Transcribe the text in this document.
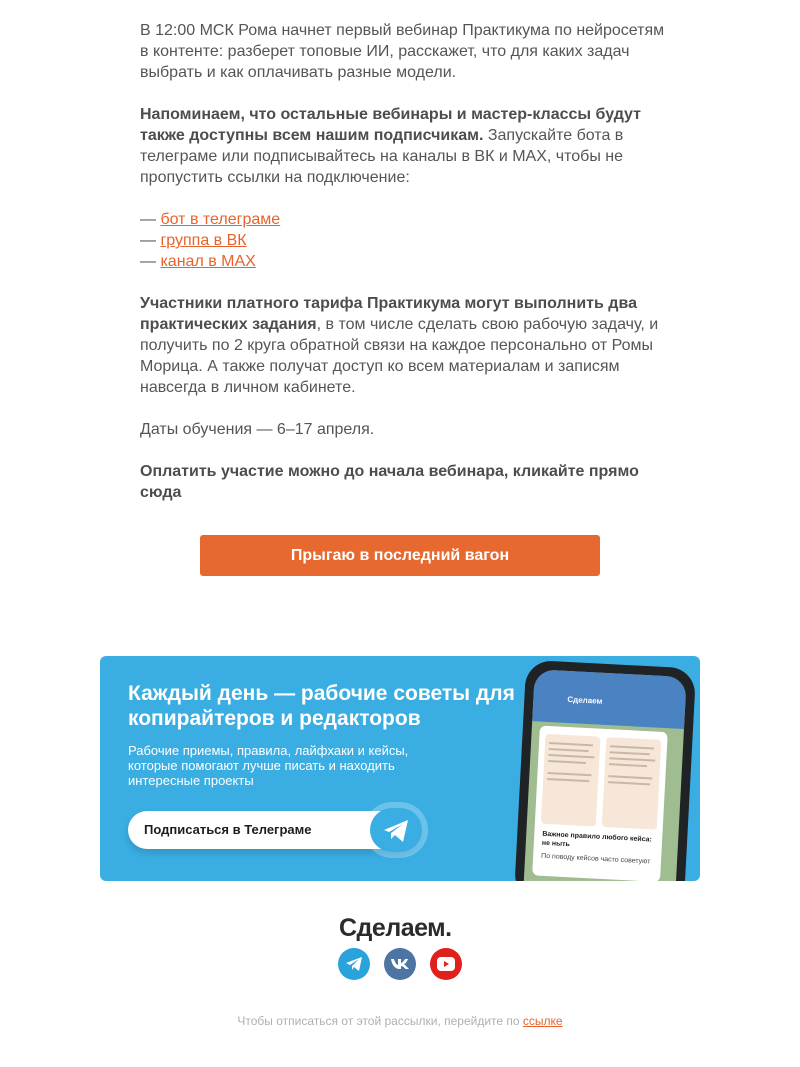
В 12:00 МСК Рома начнет первый вебинар Практикума по нейросетям в контенте: разберет топовые ИИ, расскажет, что для каких задач выбрать и как оплачивать разные модели.

Напоминаем, что остальные вебинары и мастер-классы будут также доступны всем нашим подписчикам. Запускайте бота в телеграме или подписывайтесь на каналы в ВК и МАХ, чтобы не пропустить ссылки на подключение:

— бот в телеграме
— группа в ВК
— канал в МАХ

Участники платного тарифа Практикума могут выполнить два практических задания, в том числе сделать свою рабочую задачу, и получить по 2 круга обратной связи на каждое персонально от Ромы Морица. А также получат доступ ко всем материалам и записям навсегда в личном кабинете.

Даты обучения — 6–17 апреля.

Оплатить участие можно до начала вебинара, кликайте прямо сюда

Прыгаю в последний вагон
Каждый день — рабочие советы для копирайтеров и редакторов
Рабочие приемы, правила, лайфхаки и кейсы, которые помогают лучше писать и находить интересные проекты
Подписаться в Телеграме
Сделаем
Важное правило любого кейса: не ныть
По поводу кейсов часто советуют
Сделаем.
Чтобы отписаться от этой рассылки, перейдите по ссылке
